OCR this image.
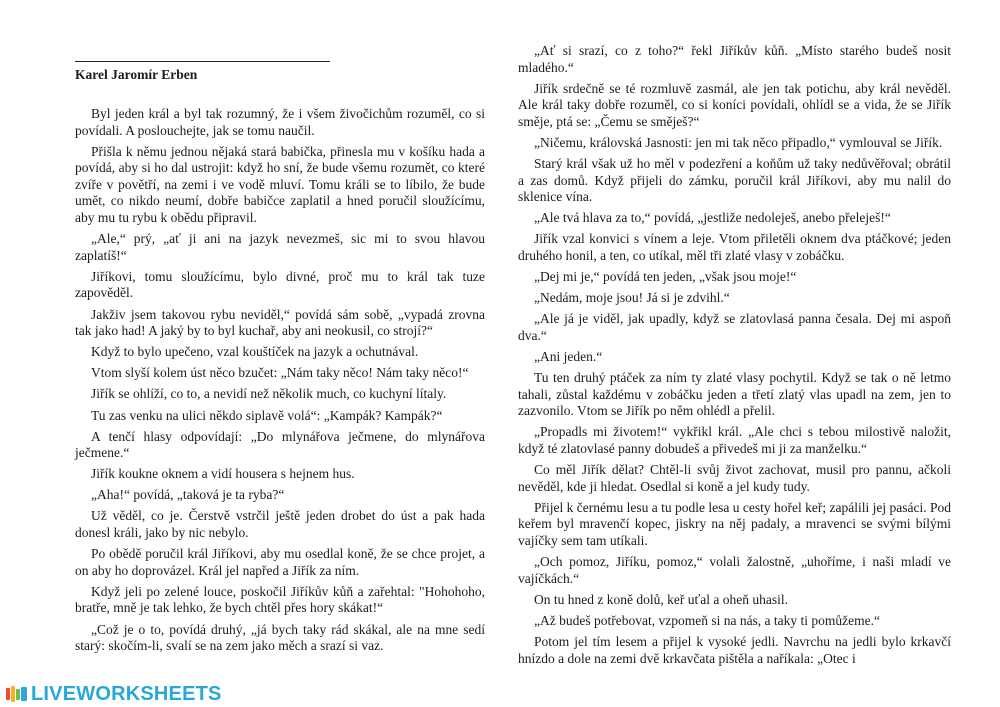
Karel Jaromír Erben

Byl jeden král a byl tak rozumný, že i všem živočichům rozuměl, co si povídali. A poslouchejte, jak se tomu naučil.

Přišla k němu jednou nějaká stará babička, přinesla mu v košíku hada a povídá, aby si ho dal ustrojit: když ho sní, že bude všemu rozumět, co které zvíře v povětří, na zemi i ve vodě mluví. Tomu králi se to líbilo, že bude umět, co nikdo neumí, dobře babičce zaplatil a hned poručil sloužícímu, aby mu tu rybu k obědu připravil.

„Ale,“ prý, „ať ji ani na jazyk nevezmeš, sic mi to svou hlavou zaplatíš!“

Jiříkovi, tomu sloužícímu, bylo divné, proč mu to král tak tuze zapověděl.

Jakživ jsem takovou rybu neviděl,“ povídá sám sobě, „vypadá zrovna tak jako had! A jaký by to byl kuchař, aby ani neokusil, co strojí?“

Když to bylo upečeno, vzal kouštíček na jazyk a ochutnával.

Vtom slyší kolem úst něco bzučet: „Nám taky něco! Nám taky něco!“

Jiřík se ohlíží, co to, a nevidí než několik much, co kuchyní lítaly.

Tu zas venku na ulici někdo siplavě volá“: „Kampák? Kampák?“

A tenčí hlasy odpovídají: „Do mlynářova ječmene, do mlynářova ječmene.“

Jiřík koukne oknem a vidí housera s hejnem hus.

„Aha!“ povídá, „taková je ta ryba?“

Už věděl, co je. Čerstvě vstrčil ještě jeden drobet do úst a pak hada donesl králi, jako by nic nebylo.

Po obědě poručil král Jiříkovi, aby mu osedlal koně, že se chce projet, a on aby ho doprovázel. Král jel napřed a Jiřík za ním.

Když jeli po zelené louce, poskočil Jiříkův kůň a zařehtal: "Hohohoho, bratře, mně je tak lehko, že bych chtěl přes hory skákat!“

„Což je o to, povídá druhý, „já bych taky rád skákal, ale na mne sedí starý: skočím-li, svalí se na zem jako měch a srazí si vaz.

„Ať si srazí, co z toho?“ řekl Jiříkův kůň. „Místo starého budeš nosit mladého.“

Jiřík srdečně se té rozmluvě zasmál, ale jen tak potichu, aby král nevěděl. Ale král taky dobře rozuměl, co si koníci povídali, ohlídl se a vida, že se Jiřík směje, ptá se: „Čemu se směješ?“

„Ničemu, královská Jasnosti: jen mi tak něco připadlo,“ vymlouval se Jiřík.

Starý král však už ho měl v podezření a koňům už taky nedůvěřoval; obrátil a zas domů. Když přijeli do zámku, poručil král Jiříkovi, aby mu nalil do sklenice vína.

„Ale tvá hlava za to,“ povídá, „jestliže nedoleješ, anebo přeleješ!“

Jiřík vzal konvici s vínem a leje. Vtom přiletěli oknem dva ptáčkové; jeden druhého honil, a ten, co utíkal, měl tři zlaté vlasy v zobáčku.

„Dej mi je,“ povídá ten jeden, „však jsou moje!“

„Nedám, moje jsou! Já si je zdvihl.“

„Ale já je viděl, jak upadly, když se zlatovlasá panna česala. Dej mi aspoň dva.“

„Ani jeden.“

Tu ten druhý ptáček za ním ty zlaté vlasy pochytil. Když se tak o ně letmo tahali, zůstal každému v zobáčku jeden a třetí zlatý vlas upadl na zem, jen to zazvonilo. Vtom se Jiřík po něm ohlédl a přelil.

„Propadls mi životem!“ vykřikl král. „Ale chci s tebou milostivě naložit, když té zlatovlasé panny dobudeš a přivedeš mi ji za manželku.“

Co měl Jiřík dělat? Chtěl-li svůj život zachovat, musil pro pannu, ačkoli nevěděl, kde ji hledat. Osedlal si koně a jel kudy tudy.

Přijel k černému lesu a tu podle lesa u cesty hořel keř; zapálili jej pasáci. Pod keřem byl mravenčí kopec, jiskry na něj padaly, a mravenci se svými bílými vajíčky sem tam utíkali.

„Och pomoz, Jiříku, pomoz,“ volali žalostně, „uhoříme, i naši mladí ve vajíčkách.“

On tu hned z koně dolů, keř uťal a oheň uhasil.

„Až budeš potřebovat, vzpomeň si na nás, a taky ti pomůžeme.“

Potom jel tím lesem a přijel k vysoké jedli. Navrchu na jedli bylo krkavčí hnízdo a dole na zemi dvě krkavčata pištěla a naříkala: „Otec i

LIVEWORKSHEETS
